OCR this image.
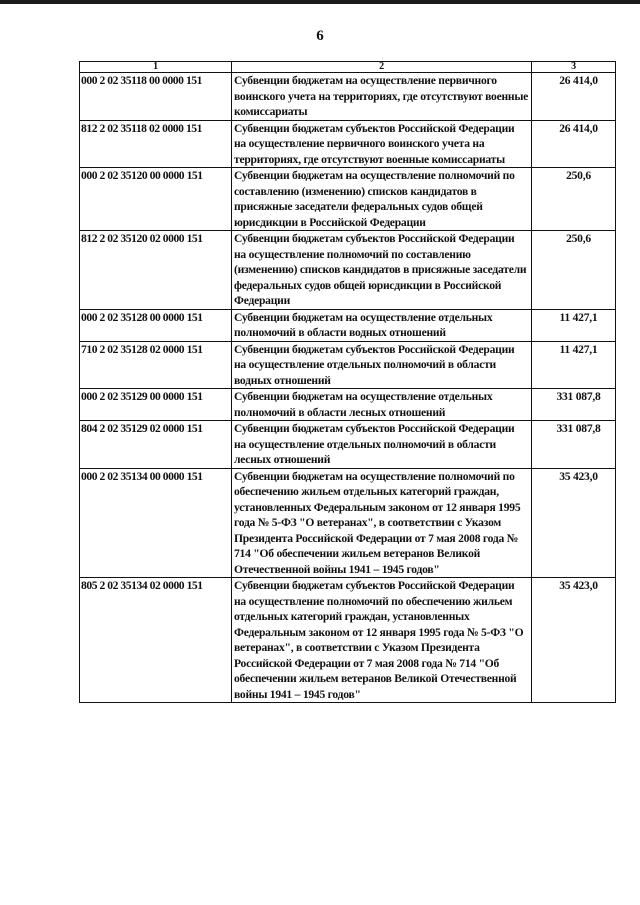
6
1	2	3
000 2 02 35118 00 0000 151	Субвенции бюджетам на осуществление первичного воинского учета на территориях, где отсутствуют военные комиссариаты	26 414,0
812 2 02 35118 02 0000 151	Субвенции бюджетам субъектов Российской Федерации на осуществление первичного воинского учета на территориях, где отсутствуют военные комиссариаты	26 414,0
000 2 02 35120 00 0000 151	Субвенции бюджетам на осуществление полномочий по составлению (изменению) списков кандидатов в присяжные заседатели федеральных судов общей юрисдикции в Российской Федерации	250,6
812 2 02 35120 02 0000 151	Субвенции бюджетам субъектов Российской Федерации на осуществление полномочий по составлению (изменению) списков кандидатов в присяжные заседатели федеральных судов общей юрисдикции в Российской Федерации	250,6
000 2 02 35128 00 0000 151	Субвенции бюджетам на осуществление отдельных полномочий в области водных отношений	11 427,1
710 2 02 35128 02 0000 151	Субвенции бюджетам субъектов Российской Федерации на осуществление отдельных полномочий в области водных отношений	11 427,1
000 2 02 35129 00 0000 151	Субвенции бюджетам на осуществление отдельных полномочий в области лесных отношений	331 087,8
804 2 02 35129 02 0000 151	Субвенции бюджетам субъектов Российской Федерации на осуществление отдельных полномочий в области лесных отношений	331 087,8
000 2 02 35134 00 0000 151	Субвенции бюджетам на осуществление полномочий по обеспечению жильем отдельных категорий граждан, установленных Федеральным законом от 12 января 1995 года № 5-ФЗ "О ветеранах", в соответствии с Указом Президента Российской Федерации от 7 мая 2008 года № 714 "Об обеспечении жильем ветеранов Великой Отечественной войны 1941 – 1945 годов"	35 423,0
805 2 02 35134 02 0000 151	Субвенции бюджетам субъектов Российской Федерации на осуществление полномочий по обеспечению жильем отдельных категорий граждан, установленных Федеральным законом от 12 января 1995 года № 5-ФЗ "О ветеранах", в соответствии с Указом Президента Российской Федерации от 7 мая 2008 года № 714 "Об обеспечении жильем ветеранов Великой Отечественной войны 1941 – 1945 годов"	35 423,0
